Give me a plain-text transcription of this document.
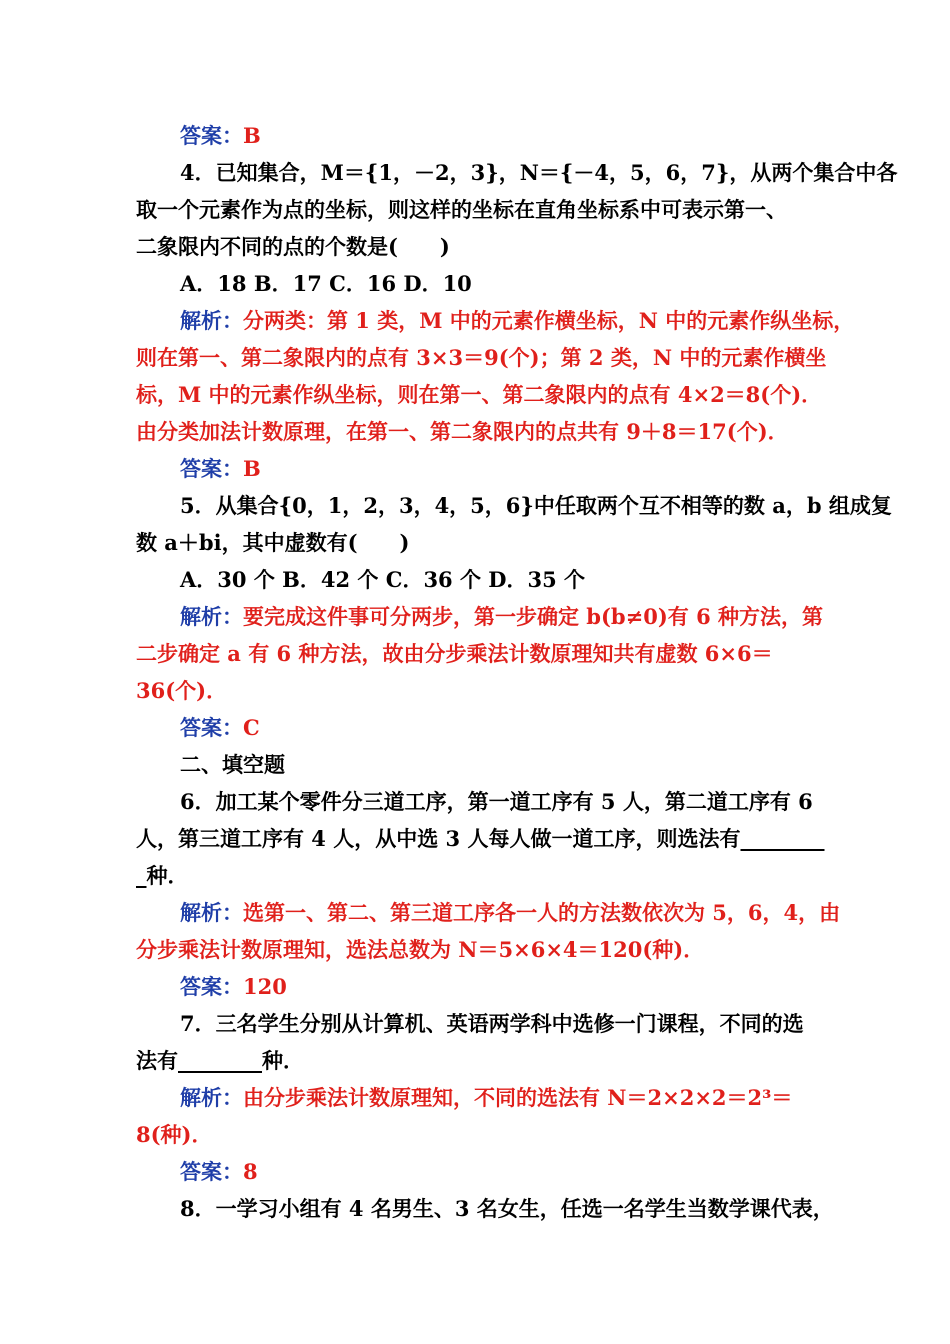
答案：B
4．已知集合，M＝{1，－2，3}，N＝{－4，5，6，7}，从两个集合中各
取一个元素作为点的坐标，则这样的坐标在直角坐标系中可表示第一、
二象限内不同的点的个数是(　　)
A．18 B．17 C．16 D．10
解析：分两类：第 1 类，M 中的元素作横坐标，N 中的元素作纵坐标，
则在第一、第二象限内的点有 3×3＝9(个)；第 2 类，N 中的元素作横坐
标，M 中的元素作纵坐标，则在第一、第二象限内的点有 4×2＝8(个)．
由分类加法计数原理，在第一、第二象限内的点共有 9＋8＝17(个)．
答案：B
5．从集合{0，1，2，3，4，5，6}中任取两个互不相等的数 a，b 组成复
数 a＋bi，其中虚数有(　　)
A．30 个 B．42 个 C．36 个 D．35 个
解析：要完成这件事可分两步，第一步确定 b(b≠0)有 6 种方法，第
二步确定 a 有 6 种方法，故由分步乘法计数原理知共有虚数 6×6＝
36(个)．
答案：C
二、填空题
6．加工某个零件分三道工序，第一道工序有 5 人，第二道工序有 6
人，第三道工序有 4 人，从中选 3 人每人做一道工序，则选法有________
_种．
解析：选第一、第二、第三道工序各一人的方法数依次为 5，6，4，由
分步乘法计数原理知，选法总数为 N＝5×6×4＝120(种)．
答案：120
7．三名学生分别从计算机、英语两学科中选修一门课程，不同的选
法有________种．
解析：由分步乘法计数原理知，不同的选法有 N＝2×2×2＝2³＝
8(种)．
答案：8
8．一学习小组有 4 名男生、3 名女生，任选一名学生当数学课代表，
